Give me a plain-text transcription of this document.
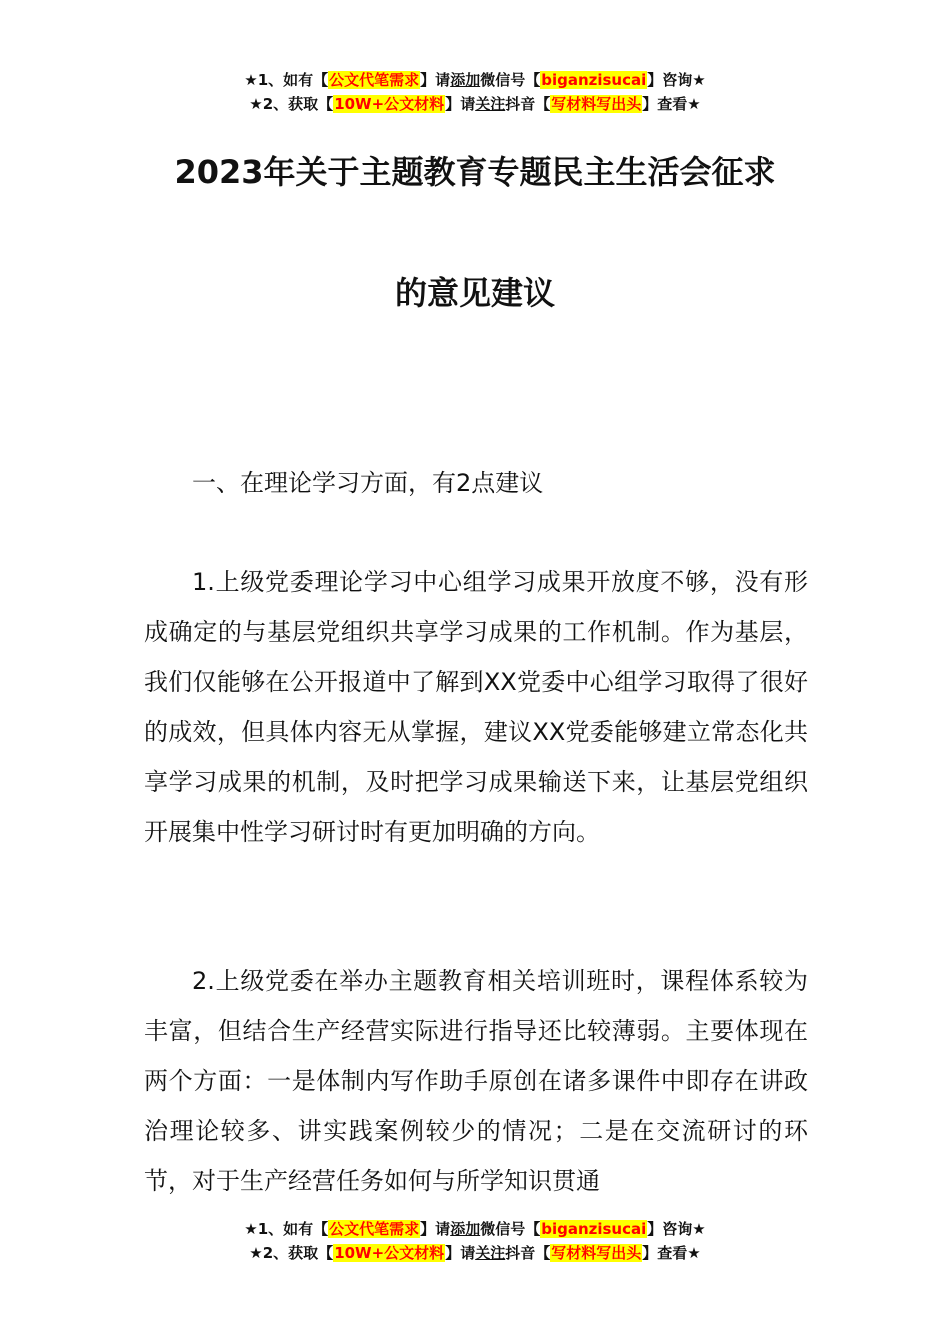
★1、如有【公文代笔需求】请添加微信号【biganzisucai】咨询★
★2、获取【10W+公文材料】请关注抖音【写材料写出头】查看★
2023年关于主题教育专题民主生活会征求
的意见建议

一、在理论学习方面，有2点建议

1.上级党委理论学习中心组学习成果开放度不够，没有形成确定的与基层党组织共享学习成果的工作机制。作为基层，我们仅能够在公开报道中了解到XX党委中心组学习取得了很好的成效，但具体内容无从掌握，建议XX党委能够建立常态化共享学习成果的机制，及时把学习成果输送下来，让基层党组织开展集中性学习研讨时有更加明确的方向。

2.上级党委在举办主题教育相关培训班时，课程体系较为丰富，但结合生产经营实际进行指导还比较薄弱。主要体现在两个方面：一是体制内写作助手原创在诸多课件中即存在讲政治理论较多、讲实践案例较少的情况；二是在交流研讨的环节，对于生产经营任务如何与所学知识贯通

★1、如有【公文代笔需求】请添加微信号【biganzisucai】咨询★
★2、获取【10W+公文材料】请关注抖音【写材料写出头】查看★
